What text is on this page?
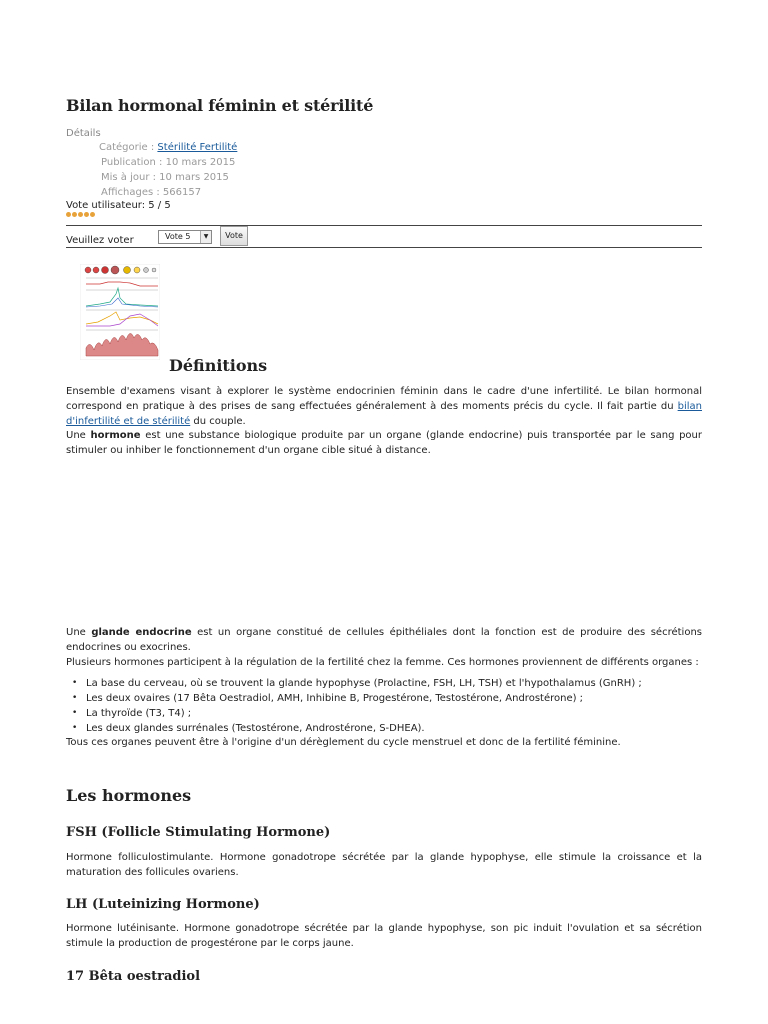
Bilan hormonal féminin et stérilité
Détails
Catégorie : Stérilité Fertilité
Publication : 10 mars 2015
Mis à jour : 10 mars 2015
Affichages : 566157
Vote utilisateur: 5 / 5
Veuillez voter	Vote 5	▼	Vote
Définitions

Ensemble d'examens visant à explorer le système endocrinien féminin dans le cadre d'une infertilité. Le bilan hormonal correspond en pratique à des prises de sang effectuées généralement à des moments précis du cycle. Il fait partie du bilan d'infertilité et de stérilité du couple.

Une hormone est une substance biologique produite par un organe (glande endocrine) puis transportée par le sang pour stimuler ou inhiber le fonctionnement d'un organe cible situé à distance.

Une glande endocrine est un organe constitué de cellules épithéliales dont la fonction est de produire des sécrétions endocrines ou exocrines.

Plusieurs hormones participent à la régulation de la fertilité chez la femme. Ces hormones proviennent de différents organes :

• La base du cerveau, où se trouvent la glande hypophyse (Prolactine, FSH, LH, TSH) et l'hypothalamus (GnRH) ;
• Les deux ovaires (17 Bêta Oestradiol, AMH, Inhibine B, Progestérone, Testostérone, Androstérone) ;
• La thyroïde (T3, T4) ;
• Les deux glandes surrénales (Testostérone, Androstérone, S-DHEA).

Tous ces organes peuvent être à l'origine d'un dérèglement du cycle menstruel et donc de la fertilité féminine.

Les hormones
FSH (Follicle Stimulating Hormone)

Hormone folliculostimulante. Hormone gonadotrope sécrétée par la glande hypophyse, elle stimule la croissance et la maturation des follicules ovariens.

LH (Luteinizing Hormone)

Hormone lutéinisante. Hormone gonadotrope sécrétée par la glande hypophyse, son pic induit l'ovulation et sa sécrétion stimule la production de progestérone par le corps jaune.

17 Bêta oestradiol
